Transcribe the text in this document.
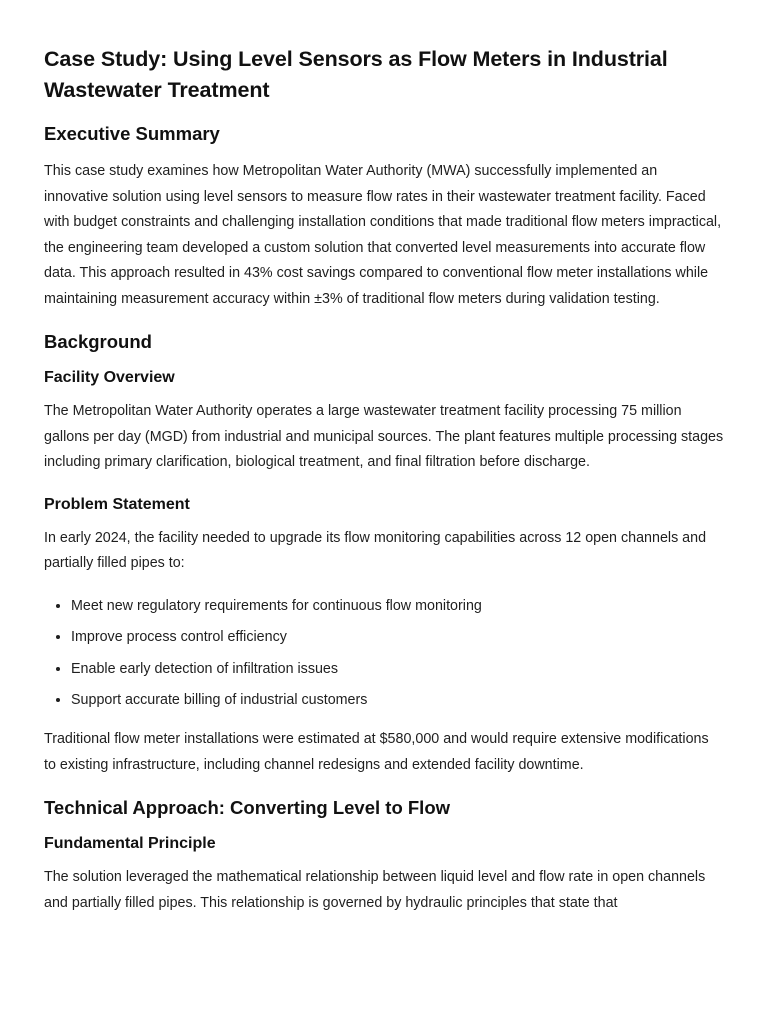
Case Study: Using Level Sensors as Flow Meters in Industrial Wastewater Treatment
Executive Summary

This case study examines how Metropolitan Water Authority (MWA) successfully implemented an innovative solution using level sensors to measure flow rates in their wastewater treatment facility. Faced with budget constraints and challenging installation conditions that made traditional flow meters impractical, the engineering team developed a custom solution that converted level measurements into accurate flow data. This approach resulted in 43% cost savings compared to conventional flow meter installations while maintaining measurement accuracy within ±3% of traditional flow meters during validation testing.

Background
Facility Overview

The Metropolitan Water Authority operates a large wastewater treatment facility processing 75 million gallons per day (MGD) from industrial and municipal sources. The plant features multiple processing stages including primary clarification, biological treatment, and final filtration before discharge.

Problem Statement

In early 2024, the facility needed to upgrade its flow monitoring capabilities across 12 open channels and partially filled pipes to:

• Meet new regulatory requirements for continuous flow monitoring
• Improve process control efficiency
• Enable early detection of infiltration issues
• Support accurate billing of industrial customers

Traditional flow meter installations were estimated at $580,000 and would require extensive modifications to existing infrastructure, including channel redesigns and extended facility downtime.

Technical Approach: Converting Level to Flow
Fundamental Principle

The solution leveraged the mathematical relationship between liquid level and flow rate in open channels and partially filled pipes. This relationship is governed by hydraulic principles that state that
